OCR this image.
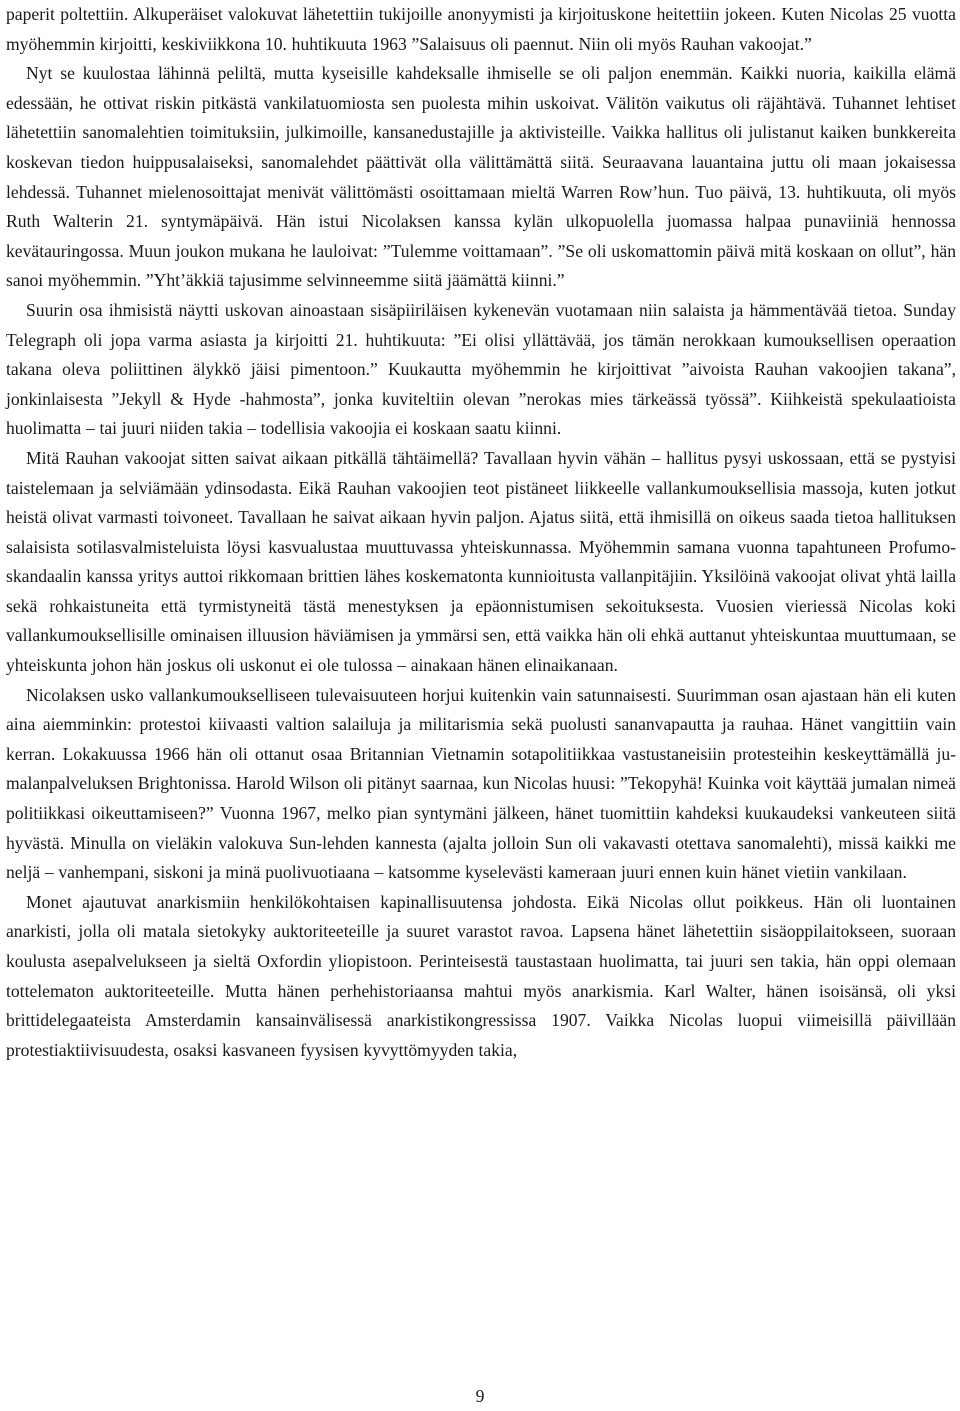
paperit poltettiin. Alkuperäiset valokuvat lähetettiin tukijoille anonyymisti ja kirjoituskone heitettiin jokeen. Kuten Nicolas 25 vuotta myöhemmin kirjoitti, keskiviikkona 10. huhtikuuta 1963 ”Salaisuus oli paennut. Niin oli myös Rauhan vakoojat.”

Nyt se kuulostaa lähinnä peliltä, mutta kyseisille kahdeksalle ihmiselle se oli paljon enemmän. Kaikki nuoria, kaikilla elämä edessään, he ottivat riskin pitkästä vankilatuomiosta sen puolesta mihin uskoivat. Välitön vaikutus oli räjähtävä. Tuhannet lehtiset lähetettiin sanomalehtien toimituksiin, julkimoille, kansanedustajille ja aktivisteille. Vaikka hallitus oli julistanut kaiken bunkkereita koskevan tiedon huippusalaiseksi, sanomalehdet päättivät olla välittämättä siitä. Seuraavana lauantaina juttu oli maan jokaisessa lehdessä. Tuhannet mielenosoittajat menivät välittömästi osoittamaan mieltä Warren Row’hun. Tuo päivä, 13. huhtikuuta, oli myös Ruth Walterin 21. syntymäpäivä. Hän istui Nicolaksen kanssa kylän ulkopuolella juomassa halpaa punaviiniä hennossa kevätauringossa. Muun joukon mukana he lauloivat: ”Tulemme voittamaan”. ”Se oli uskomattomin päivä mitä koskaan on ollut”, hän sanoi myöhemmin. ”Yht’äkkiä tajusimme selvinneemme siitä jäämättä kiinni.”

Suurin osa ihmisistä näytti uskovan ainoastaan sisäpiiriläisen kykenevän vuotamaan niin salaista ja hämmentävää tietoa. Sunday Telegraph oli jopa varma asiasta ja kirjoitti 21. huhtikuuta: ”Ei olisi yllättävää, jos tämän nerokkaan kumouksellisen operaation takana oleva poliittinen älykkö jäisi pimentoon.” Kuukautta myöhemmin he kirjoittivat ”aivoista Rauhan vakoojien takana”, jonkinlaisesta ”Jekyll & Hyde -hahmosta”, jonka kuviteltiin olevan ”nerokas mies tärkeässä työssä”. Kiihkeistä spekulaatioista huolimatta – tai juuri niiden takia – todellisia vakoojia ei koskaan saatu kiinni.

Mitä Rauhan vakoojat sitten saivat aikaan pitkällä tähtäimellä? Tavallaan hyvin vähän – hallitus pysyi uskossaan, että se pystyisi taistelemaan ja selviämään ydinsodasta. Eikä Rauhan vakoojien teot pistäneet liikkeelle vallankumouksellisia massoja, kuten jotkut heistä olivat varmasti toivoneet. Tavallaan he saivat aikaan hyvin paljon. Ajatus siitä, että ihmisillä on oikeus saada tietoa hallituksen salaisista sotilasvalmisteluista löysi kasvualustaa muuttuvassa yhteiskunnassa. Myöhemmin samana vuonna tapahtuneen Profumo-skandaalin kanssa yritys auttoi rikkomaan brittien lähes koskematonta kunnioitusta vallanpitäjiin. Yksilöinä vakoojat olivat yhtä lailla sekä rohkaistuneita että tyrmistyneitä tästä menestyksen ja epäonnistumisen sekoituksesta. Vuosien vieriessä Nicolas koki vallankumouksellisille ominaisen illuusion häviämisen ja ymmärsi sen, että vaikka hän oli ehkä auttanut yhteiskuntaa muuttumaan, se yhteiskunta johon hän joskus oli uskonut ei ole tulossa – ainakaan hänen elinaikanaan.

Nicolaksen usko vallankumoukselliseen tulevaisuuteen horjui kuitenkin vain satunnaisesti. Suurimman osan ajastaan hän eli kuten aina aiemminkin: protestoi kiivaasti valtion salailuja ja militarismia sekä puolusti sananvapautta ja rauhaa. Hänet vangittiin vain kerran. Lokakuussa 1966 hän oli ottanut osaa Britannian Vietnamin sotapolitiikkaa vastustaneisiin protesteihin keskeyttämällä jumalanpalveluksen Brightonissa. Harold Wilson oli pitänyt saarnaa, kun Nicolas huusi: ”Tekopyhä! Kuinka voit käyttää jumalan nimeä politiikkasi oikeuttamiseen?” Vuonna 1967, melko pian syntymäni jälkeen, hänet tuomittiin kahdeksi kuukaudeksi vankeuteen siitä hyvästä. Minulla on vieläkin valokuva Sun-lehden kannesta (ajalta jolloin Sun oli vakavasti otettava sanomalehti), missä kaikki me neljä – vanhempani, siskoni ja minä puolivuotiaana – katsomme kyselevästi kameraan juuri ennen kuin hänet vietiin vankilaan.

Monet ajautuvat anarkismiin henkilökohtaisen kapinallisuutensa johdosta. Eikä Nicolas ollut poikkeus. Hän oli luontainen anarkisti, jolla oli matala sietokyky auktoriteeteille ja suuret varastot ravoa. Lapsena hänet lähetettiin sisäoppilaitokseen, suoraan koulusta asepalvelukseen ja sieltä Oxfordin yliopistoon. Perinteisestä taustastaan huolimatta, tai juuri sen takia, hän oppi olemaan tottelematon auktoriteeteille. Mutta hänen perhehistoriaansa mahtui myös anarkismia. Karl Walter, hänen isoisänsä, oli yksi brittidelegaateista Amsterdamin kansainvälisessä anarkistikongressissa 1907. Vaikka Nicolas luopui viimeisillä päivillään protestiaktiivisuudesta, osaksi kasvaneen fyysisen kyvyttömyyden takia,

9
